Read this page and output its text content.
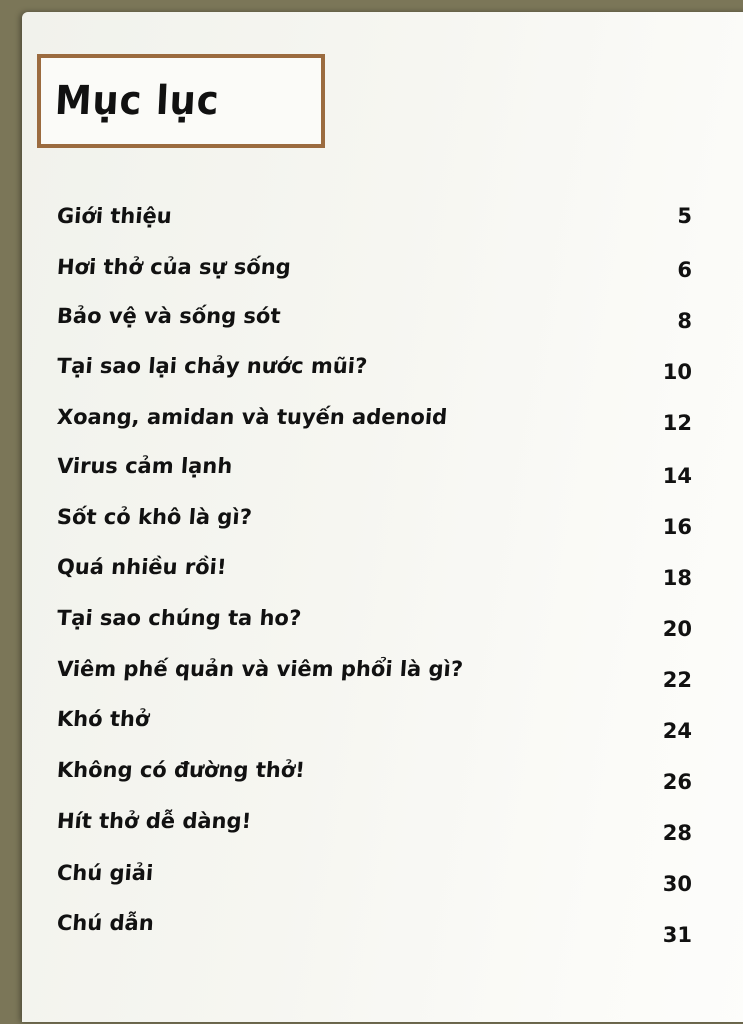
Mục lục
Giới thiệu	5
Hơi thở của sự sống	6
Bảo vệ và sống sót	8
Tại sao lại chảy nước mũi?	10
Xoang, amidan và tuyến adenoid	12
Virus cảm lạnh	14
Sốt cỏ khô là gì?	16
Quá nhiều rồi!	18
Tại sao chúng ta ho?	20
Viêm phế quản và viêm phổi là gì?	22
Khó thở	24
Không có đường thở!	26
Hít thở dễ dàng!	28
Chú giải	30
Chú dẫn	31
